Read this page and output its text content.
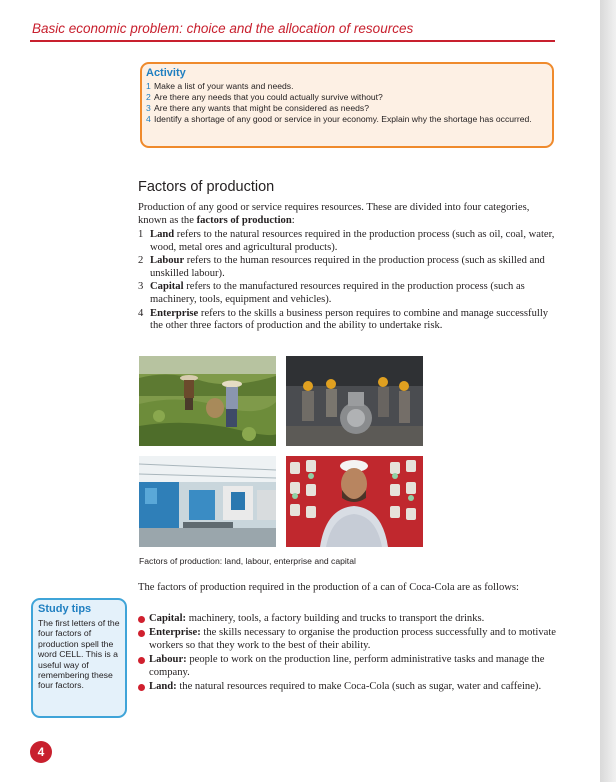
Basic economic problem: choice and the allocation of resources
Activity
1 Make a list of your wants and needs.
2 Are there any needs that you could actually survive without?
3 Are there any wants that might be considered as needs?
4 Identify a shortage of any good or service in your economy. Explain why the shortage has occurred.
Factors of production

Production of any good or service requires resources. These are divided into four categories, known as the factors of production:

1 Land refers to the natural resources required in the production process (such as oil, coal, water, wood, metal ores and agricultural products).
2 Labour refers to the human resources required in the production process (such as skilled and unskilled labour).
3 Capital refers to the manufactured resources required in the production process (such as machinery, tools, equipment and vehicles).
4 Enterprise refers to the skills a business person requires to combine and manage successfully the other three factors of production and the ability to undertake risk.
Factors of production: land, labour, enterprise and capital

The factors of production required in the production of a can of Coca-Cola are as follows:

Capital: machinery, tools, a factory building and trucks to transport the drinks.
Enterprise: the skills necessary to organise the production process successfully and to motivate workers so that they work to the best of their ability.
Labour: people to work on the production line, perform administrative tasks and manage the company.
Land: the natural resources required to make Coca-Cola (such as sugar, water and caffeine).
Study tips
The first letters of the four factors of production spell the word CELL. This is a useful way of remembering these four factors.
4
